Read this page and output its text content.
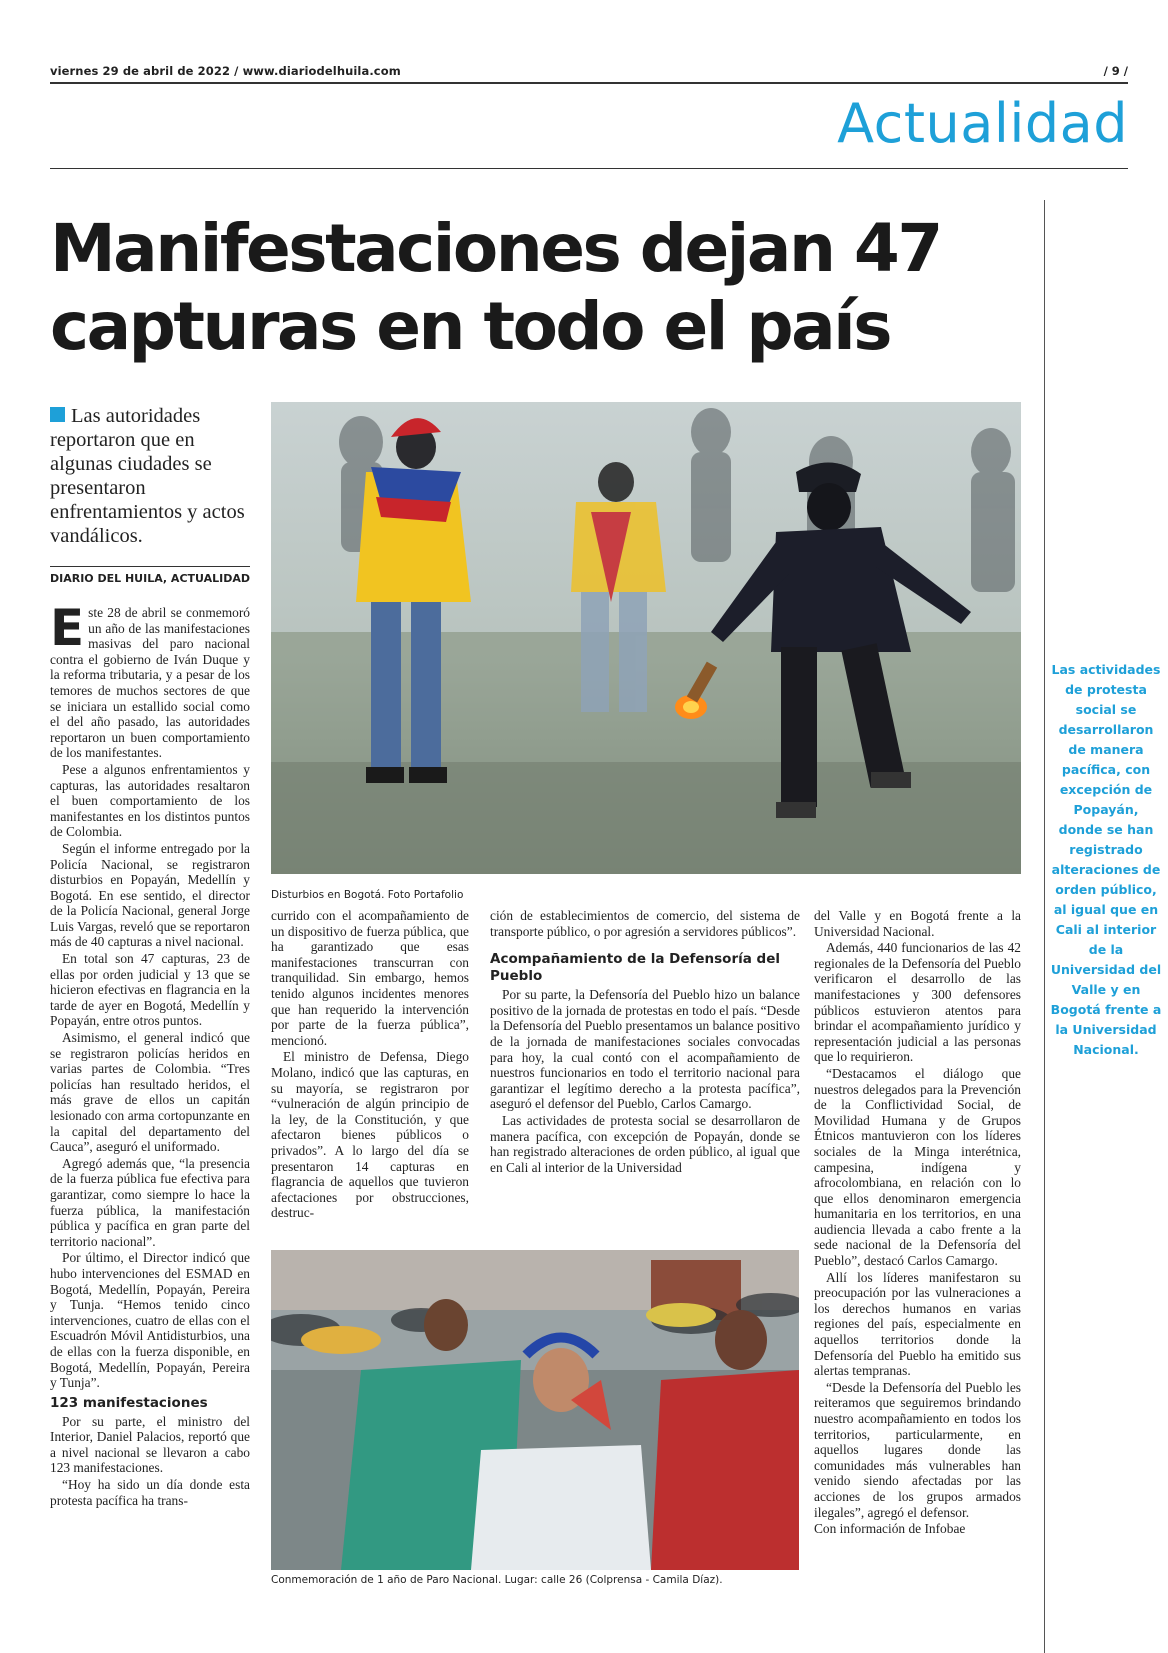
viernes 29 de abril de 2022 / www.diariodelhuila.com	/ 9 /
Actualidad
Manifestaciones dejan 47
capturas en todo el país
Las autoridades reportaron que en algunas ciudades se presentaron enfrentamientos y actos vandálicos.
DIARIO DEL HUILA, ACTUALIDAD

Este 28 de abril se conmemoró un año de las manifestaciones masivas del paro nacional contra el gobierno de Iván Duque y la reforma tributaria, y a pesar de los temores de muchos sectores de que se iniciara un estallido social como el del año pasado, las autoridades reportaron un buen comportamiento de los manifestantes.

Pese a algunos enfrentamientos y capturas, las autoridades resaltaron el buen comportamiento de los manifestantes en los distintos puntos de Colombia.

Según el informe entregado por la Policía Nacional, se registraron disturbios en Popayán, Medellín y Bogotá. En ese sentido, el director de la Policía Nacional, general Jorge Luis Vargas, reveló que se reportaron más de 40 capturas a nivel nacional.

En total son 47 capturas, 23 de ellas por orden judicial y 13 que se hicieron efectivas en flagrancia en la tarde de ayer en Bogotá, Medellín y Popayán, entre otros puntos.

Asimismo, el general indicó que se registraron policías heridos en varias partes de Colombia. “Tres policías han resultado heridos, el más grave de ellos un capitán lesionado con arma cortopunzante en la capital del departamento del Cauca”, aseguró el uniformado.

Agregó además que, “la presencia de la fuerza pública fue efectiva para garantizar, como siempre lo hace la fuerza pública, la manifestación pública y pacífica en gran parte del territorio nacional”.

Por último, el Director indicó que hubo intervenciones del ESMAD en Bogotá, Medellín, Popayán, Pereira y Tunja. “Hemos tenido cinco intervenciones, cuatro de ellas con el Escuadrón Móvil Antidisturbios, una de ellas con la fuerza disponible, en Bogotá, Medellín, Popayán, Pereira y Tunja”.

123 manifestaciones

Por su parte, el ministro del Interior, Daniel Palacios, reportó que a nivel nacional se llevaron a cabo 123 manifestaciones.

“Hoy ha sido un día donde esta protesta pacífica ha trans-

Disturbios en Bogotá. Foto Portafolio

currido con el acompañamiento de un dispositivo de fuerza pública, que ha garantizado que esas manifestaciones transcurran con tranquilidad. Sin embargo, hemos tenido algunos incidentes menores que han requerido la intervención por parte de la fuerza pública”, mencionó.

El ministro de Defensa, Diego Molano, indicó que las capturas, en su mayoría, se registraron por “vulneración de algún principio de la ley, de la Constitución, y que afectaron bienes públicos o privados”. A lo largo del día se presentaron 14 capturas en flagrancia de aquellos que tuvieron afectaciones por obstrucciones, destruc-

ción de establecimientos de comercio, del sistema de transporte público, o por agresión a servidores públicos”.

Acompañamiento de la Defensoría del Pueblo

Por su parte, la Defensoría del Pueblo hizo un balance positivo de la jornada de protestas en todo el país. “Desde la Defensoría del Pueblo presentamos un balance positivo de la jornada de manifestaciones sociales convocadas para hoy, la cual contó con el acompañamiento de nuestros funcionarios en todo el territorio nacional para garantizar el legítimo derecho a la protesta pacífica”, aseguró el defensor del Pueblo, Carlos Camargo.

Las actividades de protesta social se desarrollaron de manera pacífica, con excepción de Popayán, donde se han registrado alteraciones de orden público, al igual que en Cali al interior de la Universidad

Conmemoración de 1 año de Paro Nacional. Lugar: calle 26 (Colprensa - Camila Díaz).

del Valle y en Bogotá frente a la Universidad Nacional.

Además, 440 funcionarios de las 42 regionales de la Defensoría del Pueblo verificaron el desarrollo de las manifestaciones y 300 defensores públicos estuvieron atentos para brindar el acompañamiento jurídico y representación judicial a las personas que lo requirieron.

“Destacamos el diálogo que nuestros delegados para la Prevención de la Conflictividad Social, de Movilidad Humana y de Grupos Étnicos mantuvieron con los líderes sociales de la Minga interétnica, campesina, indígena y afrocolombiana, en relación con lo que ellos denominaron emergencia humanitaria en los territorios, en una audiencia llevada a cabo frente a la sede nacional de la Defensoría del Pueblo”, destacó Carlos Camargo.

Allí los líderes manifestaron su preocupación por las vulneraciones a los derechos humanos en varias regiones del país, especialmente en aquellos territorios donde la Defensoría del Pueblo ha emitido sus alertas tempranas.

“Desde la Defensoría del Pueblo les reiteramos que seguiremos brindando nuestro acompañamiento en todos los territorios, particularmente, en aquellos lugares donde las comunidades más vulnerables han venido siendo afectadas por las acciones de los grupos armados ilegales”, agregó el defensor.

Con información de Infobae

Las actividades de protesta social se desarrollaron de manera pacífica, con excepción de Popayán, donde se han registrado alteraciones de orden público, al igual que en Cali al interior de la Universidad del Valle y en Bogotá frente a la Universidad Nacional.
